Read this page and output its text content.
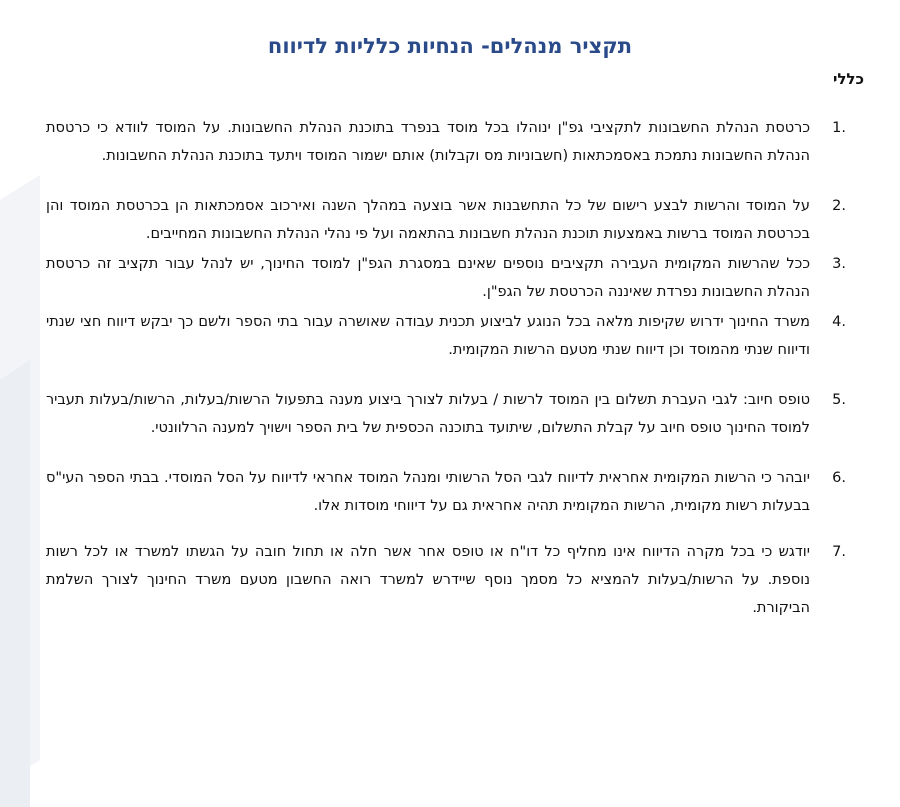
תקציר מנהלים- הנחיות כלליות לדיווח
כללי
1.
כרטסת הנהלת החשבונות לתקציבי גפ"ן ינוהלו בכל מוסד בנפרד בתוכנת הנהלת החשבונות. על המוסד לוודא כי כרטסת הנהלת החשבונות נתמכת באסמכתאות (חשבוניות מס וקבלות) אותם ישמור המוסד ויתעד בתוכנת הנהלת החשבונות.
2.
על המוסד והרשות לבצע רישום של כל התחשבנות אשר בוצעה במהלך השנה ואירכוב אסמכתאות הן בכרטסת המוסד והן בכרטסת המוסד ברשות באמצעות תוכנת הנהלת חשבונות בהתאמה ועל פי נהלי הנהלת החשבונות המחייבים.
3.
ככל שהרשות המקומית העבירה תקציבים נוספים שאינם במסגרת הגפ"ן למוסד החינוך, יש לנהל עבור תקציב זה כרטסת הנהלת החשבונות נפרדת שאיננה הכרטסת של הגפ"ן.
4.
משרד החינוך ידרוש שקיפות מלאה בכל הנוגע לביצוע תכנית עבודה שאושרה עבור בתי הספר ולשם כך יבקש דיווח חצי שנתי ודיווח שנתי מהמוסד וכן דיווח שנתי מטעם הרשות המקומית.
5.
טופס חיוב: לגבי העברת תשלום בין המוסד לרשות / בעלות לצורך ביצוע מענה בתפעול הרשות/בעלות, הרשות/בעלות תעביר למוסד החינוך טופס חיוב על קבלת התשלום, שיתועד בתוכנה הכספית של בית הספר וישויך למענה הרלוונטי.
6.
יובהר כי הרשות המקומית אחראית לדיווח לגבי הסל הרשותי ומנהל המוסד אחראי לדיווח על הסל המוסדי. בבתי הספר העי"ס בבעלות רשות מקומית, הרשות המקומית תהיה אחראית גם על דיווחי מוסדות אלו.
7.
יודגש כי בכל מקרה הדיווח אינו מחליף כל דו"ח או טופס אחר אשר חלה או תחול חובה על הגשתו למשרד או לכל רשות נוספת. על הרשות/בעלות להמציא כל מסמך נוסף שיידרש למשרד רואה החשבון מטעם משרד החינוך לצורך השלמת הביקורת.
